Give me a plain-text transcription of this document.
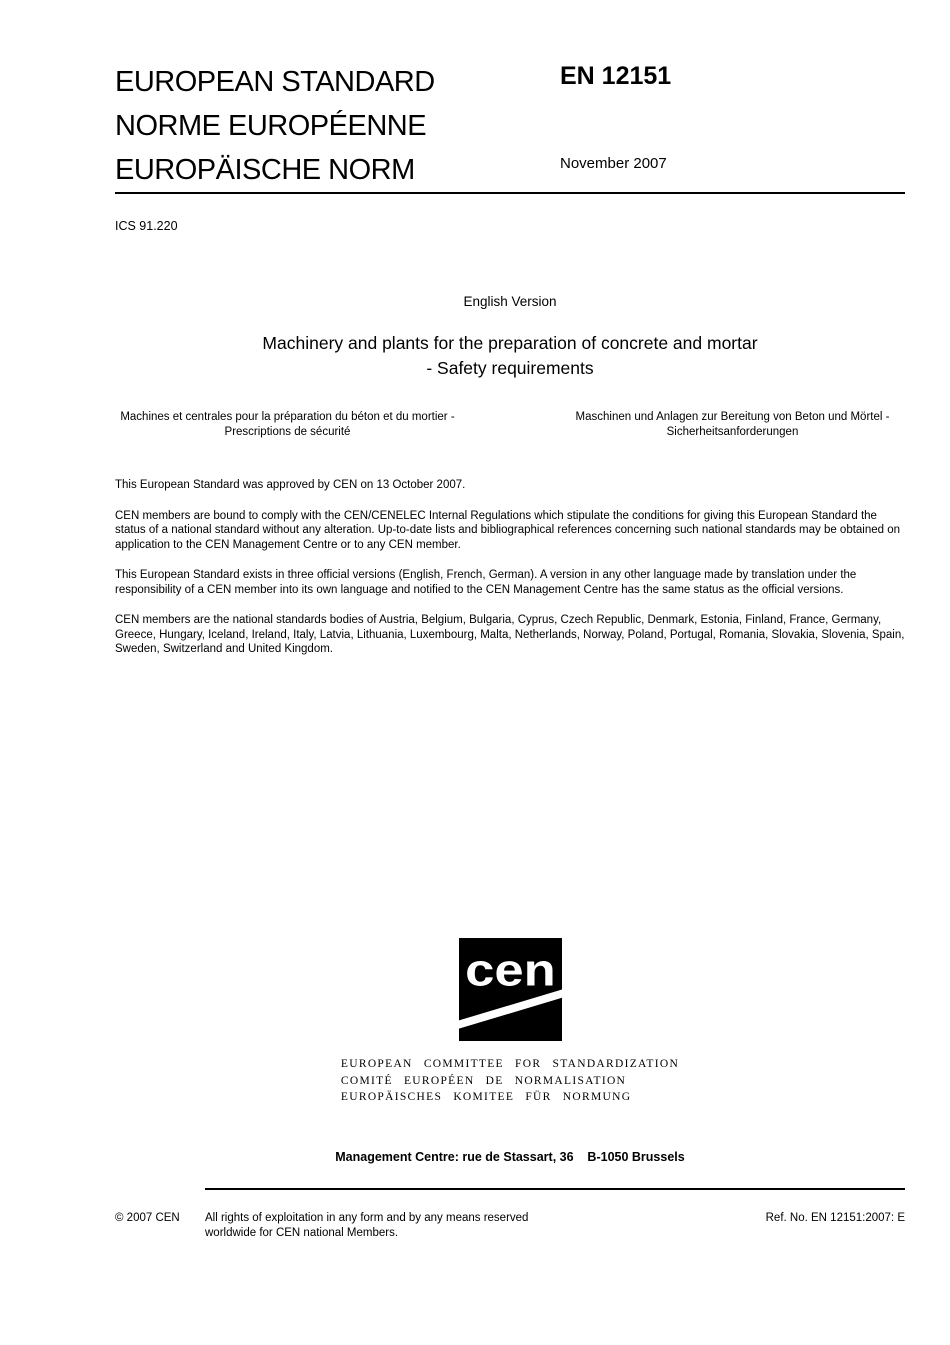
EUROPEAN STANDARD
NORME EUROPÉENNE
EUROPÄISCHE NORM
EN 12151
November 2007
ICS 91.220
English Version
Machinery and plants for the preparation of concrete and mortar
- Safety requirements
Machines et centrales pour la préparation du béton et du mortier - Prescriptions de sécurité
Maschinen und Anlagen zur Bereitung von Beton und Mörtel - Sicherheitsanforderungen

This European Standard was approved by CEN on 13 October 2007.

CEN members are bound to comply with the CEN/CENELEC Internal Regulations which stipulate the conditions for giving this European Standard the status of a national standard without any alteration. Up-to-date lists and bibliographical references concerning such national standards may be obtained on application to the CEN Management Centre or to any CEN member.

This European Standard exists in three official versions (English, French, German). A version in any other language made by translation under the responsibility of a CEN member into its own language and notified to the CEN Management Centre has the same status as the official versions.

CEN members are the national standards bodies of Austria, Belgium, Bulgaria, Cyprus, Czech Republic, Denmark, Estonia, Finland, France, Germany, Greece, Hungary, Iceland, Ireland, Italy, Latvia, Lithuania, Luxembourg, Malta, Netherlands, Norway, Poland, Portugal, Romania, Slovakia, Slovenia, Spain, Sweden, Switzerland and United Kingdom.

cen
EUROPEAN COMMITTEE FOR STANDARDIZATION
COMITÉ EUROPÉEN DE NORMALISATION
EUROPÄISCHES KOMITEE FÜR NORMUNG
Management Centre: rue de Stassart, 36    B-1050 Brussels
© 2007 CEN	All rights of exploitation in any form and by any means reserved
worldwide for CEN national Members.
Ref. No. EN 12151:2007: E
